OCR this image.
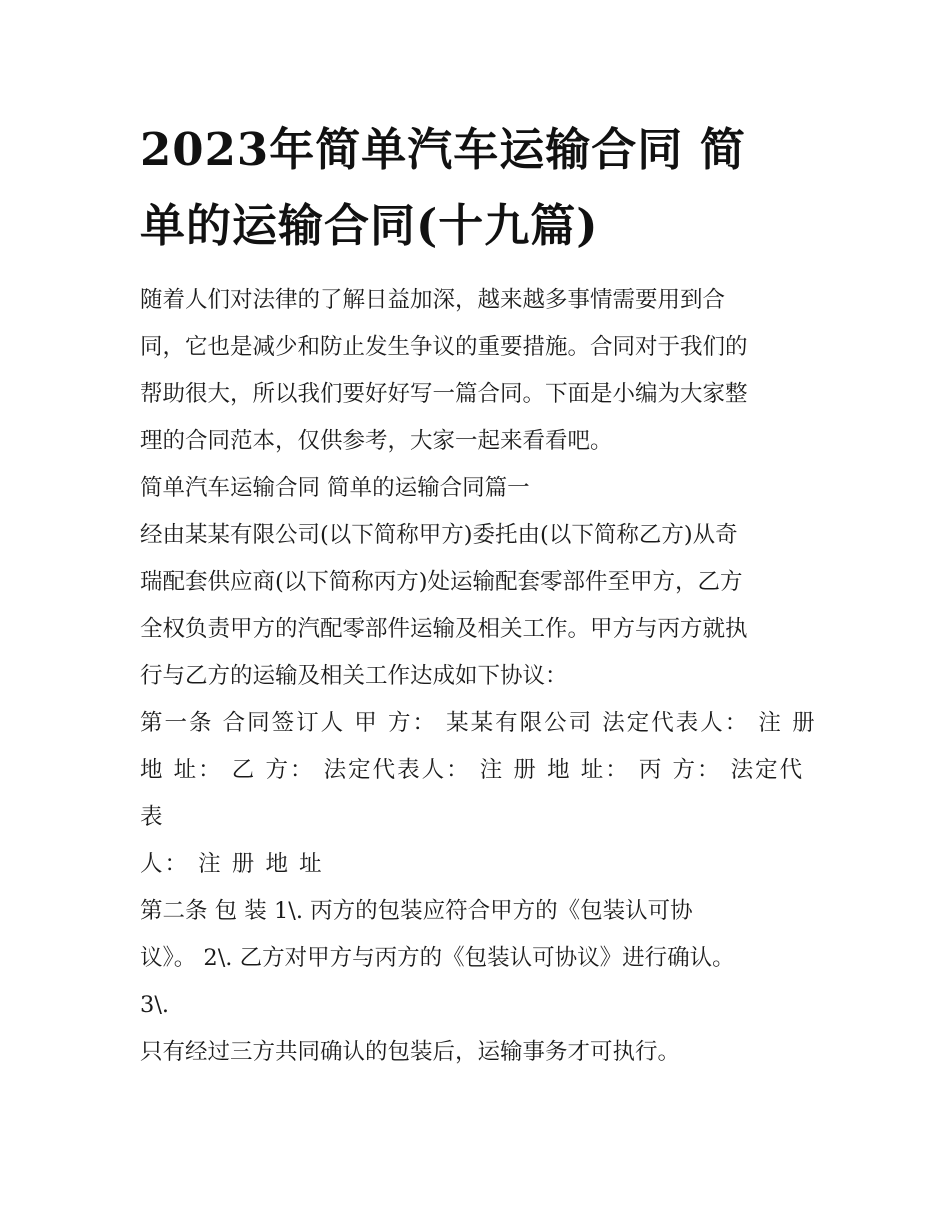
2023年简单汽车运输合同 简
单的运输合同(十九篇)

随着人们对法律的了解日益加深，越来越多事情需要用到合
同，它也是减少和防止发生争议的重要措施。合同对于我们的
帮助很大，所以我们要好好写一篇合同。下面是小编为大家整
理的合同范本，仅供参考，大家一起来看看吧。

简单汽车运输合同 简单的运输合同篇一

经由某某有限公司(以下简称甲方)委托由(以下简称乙方)从奇
瑞配套供应商(以下简称丙方)处运输配套零部件至甲方，乙方
全权负责甲方的汽配零部件运输及相关工作。甲方与丙方就执
行与乙方的运输及相关工作达成如下协议：

第一条 合同签订人 甲 方： 某某有限公司 法定代表人： 注 册
地 址： 乙 方： 法定代表人： 注 册 地 址： 丙 方： 法定代表
人： 注 册 地 址

第二条 包 装 1\. 丙方的包装应符合甲方的《包装认可协
议》。 2\. 乙方对甲方与丙方的《包装认可协议》进行确认。
3\.

只有经过三方共同确认的包装后，运输事务才可执行。
